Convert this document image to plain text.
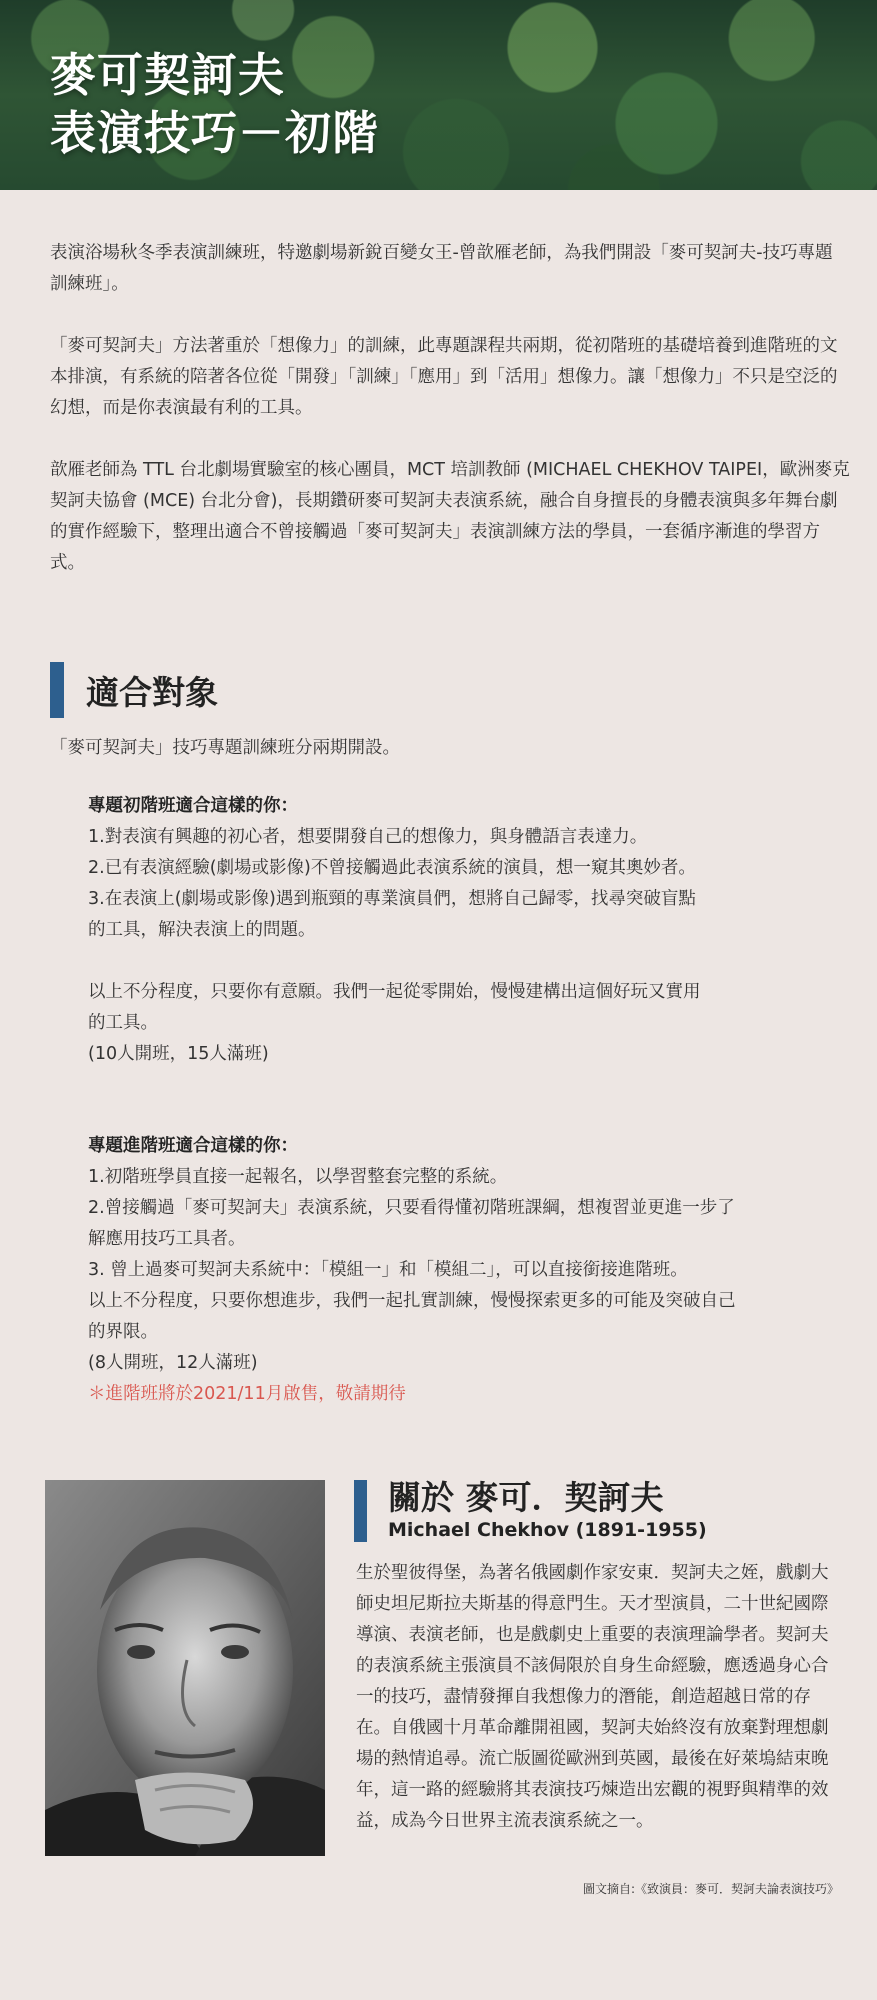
麥可契訶夫
表演技巧－初階

表演浴場秋冬季表演訓練班，特邀劇場新銳百變女王-曾歆雁老師，為我們開設「麥可契訶夫-技巧專題訓練班」。

「麥可契訶夫」方法著重於「想像力」的訓練，此專題課程共兩期，從初階班的基礎培養到進階班的文本排演，有系統的陪著各位從「開發」「訓練」「應用」到「活用」想像力。讓「想像力」不只是空泛的幻想，而是你表演最有利的工具。

歆雁老師為 TTL 台北劇場實驗室的核心團員，MCT 培訓教師 (MICHAEL CHEKHOV TAIPEI，歐洲麥克契訶夫協會 (MCE) 台北分會)，長期鑽研麥可契訶夫表演系統，融合自身擅長的身體表演與多年舞台劇的實作經驗下，整理出適合不曾接觸過「麥可契訶夫」表演訓練方法的學員，一套循序漸進的學習方式。

適合對象
「麥可契訶夫」技巧專題訓練班分兩期開設。
專題初階班適合這樣的你：
1.對表演有興趣的初心者，想要開發自己的想像力，與身體語言表達力。
2.已有表演經驗(劇場或影像)不曾接觸過此表演系統的演員，想一窺其奧妙者。
3.在表演上(劇場或影像)遇到瓶頸的專業演員們，想將自己歸零，找尋突破盲點
的工具，解決表演上的問題。

以上不分程度，只要你有意願。我們一起從零開始，慢慢建構出這個好玩又實用
的工具。
(10人開班，15人滿班)
專題進階班適合這樣的你：
1.初階班學員直接一起報名，以學習整套完整的系統。
2.曾接觸過「麥可契訶夫」表演系統，只要看得懂初階班課綱，想複習並更進一步了
解應用技巧工具者。
3. 曾上過麥可契訶夫系統中：「模組一」和「模組二」，可以直接銜接進階班。
以上不分程度，只要你想進步，我們一起扎實訓練，慢慢探索更多的可能及突破自己
的界限。
(8人開班，12人滿班)
＊進階班將於2021/11月啟售，敬請期待
關於 麥可．契訶夫
Michael Chekhov (1891-1955)
生於聖彼得堡，為著名俄國劇作家安東．契訶夫之姪，戲劇大師史坦尼斯拉夫斯基的得意門生。天才型演員，二十世紀國際導演、表演老師，也是戲劇史上重要的表演理論學者。契訶夫的表演系統主張演員不該侷限於自身生命經驗，應透過身心合一的技巧，盡情發揮自我想像力的潛能，創造超越日常的存在。自俄國十月革命離開祖國，契訶夫始終沒有放棄對理想劇場的熱情追尋。流亡版圖從歐洲到英國，最後在好萊塢結束晚年，這一路的經驗將其表演技巧煉造出宏觀的視野與精準的效益，成為今日世界主流表演系統之一。
圖文摘自:《致演員：麥可．契訶夫論表演技巧》
